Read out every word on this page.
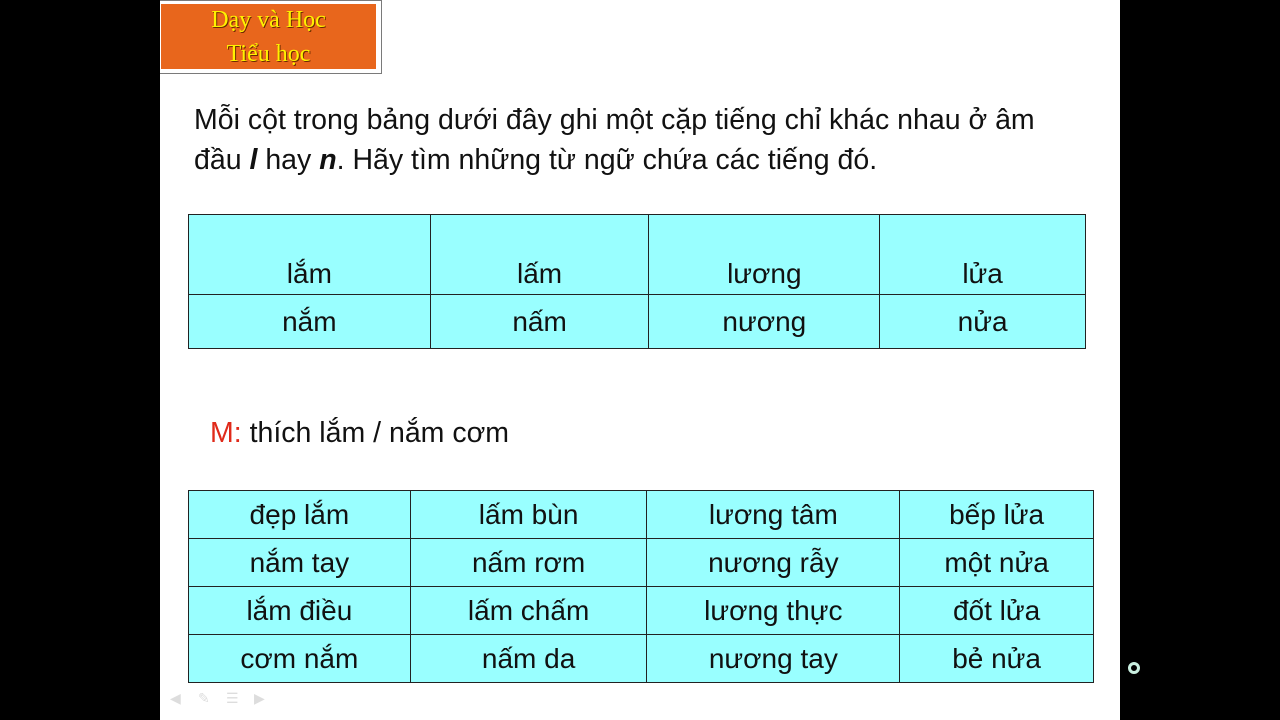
Dạy và Học
Tiểu học
Mỗi cột trong bảng dưới đây ghi một cặp tiếng chỉ khác nhau ở âm đầu l hay n. Hãy tìm những từ ngữ chứa các tiếng đó.
lắm	lấm	lương	lửa
nắm	nấm	nương	nửa
M: thích lắm / nắm cơm
đẹp lắm	lấm bùn	lương tâm	bếp lửa
nắm tay	nấm rơm	nương rẫy	một nửa
lắm điều	lấm chấm	lương thực	đốt lửa
cơm nắm	nấm da	nương tay	bẻ nửa
◀	✎	☰ ▶
